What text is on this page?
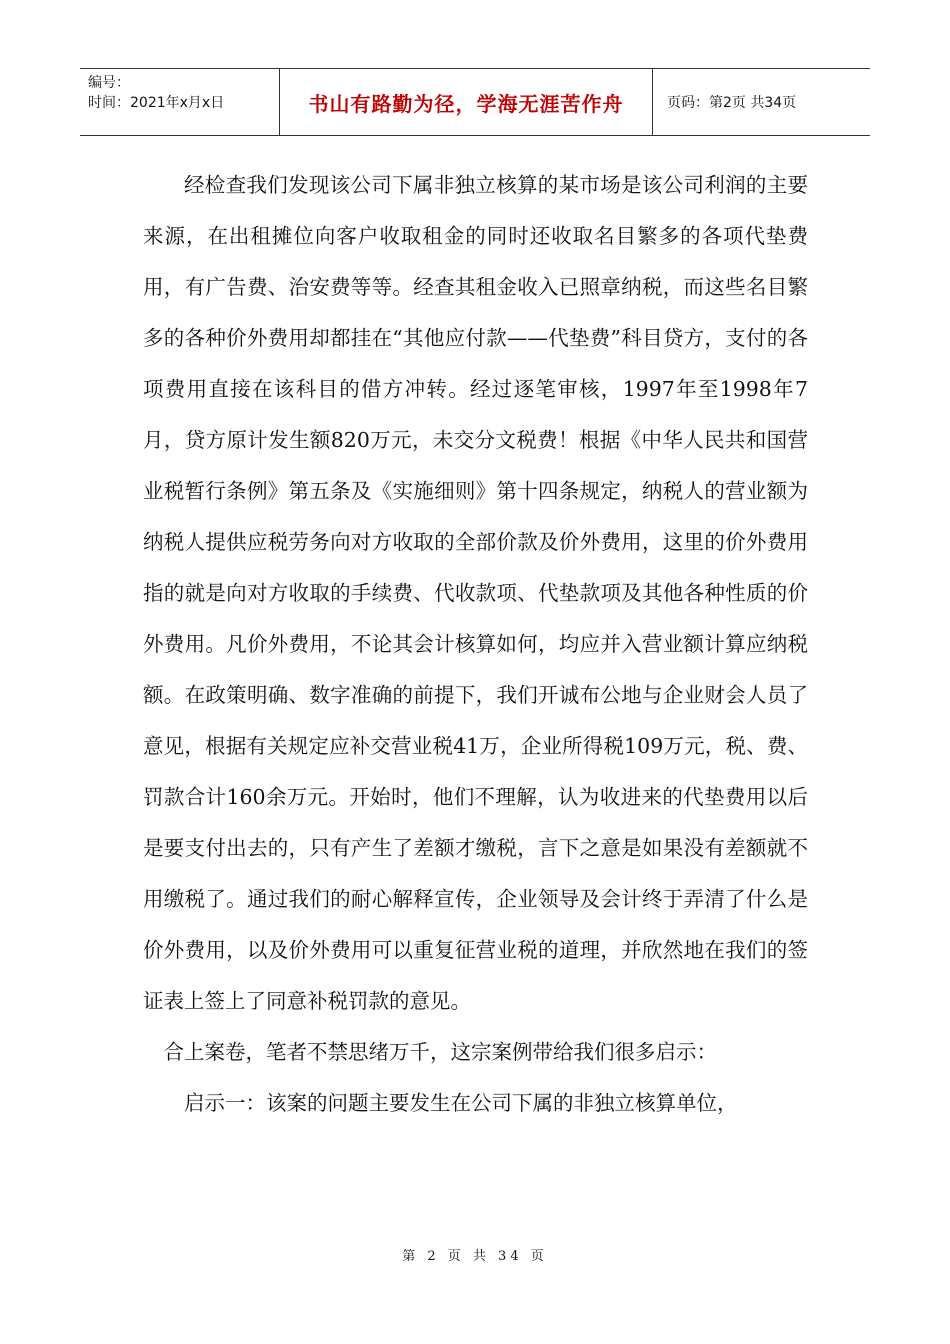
编号：
时间：2021年x月x日	书山有路勤为径，学海无涯苦作舟	页码：第2页 共34页

经检查我们发现该公司下属非独立核算的某市场是该公司利润的主要来源，在出租摊位向客户收取租金的同时还收取名目繁多的各项代垫费用，有广告费、治安费等等。经查其租金收入已照章纳税，而这些名目繁多的各种价外费用却都挂在“其他应付款——代垫费”科目贷方，支付的各项费用直接在该科目的借方冲转。经过逐笔审核，1997年至1998年7月，贷方原计发生额820万元，未交分文税费！根据《中华人民共和国营业税暂行条例》第五条及《实施细则》第十四条规定，纳税人的营业额为纳税人提供应税劳务向对方收取的全部价款及价外费用，这里的价外费用指的就是向对方收取的手续费、代收款项、代垫款项及其他各种性质的价外费用。凡价外费用，不论其会计核算如何，均应并入营业额计算应纳税额。在政策明确、数字准确的前提下，我们开诚布公地与企业财会人员了意见，根据有关规定应补交营业税41万，企业所得税109万元，税、费、罚款合计160余万元。开始时，他们不理解，认为收进来的代垫费用以后是要支付出去的，只有产生了差额才缴税，言下之意是如果没有差额就不用缴税了。通过我们的耐心解释宣传，企业领导及会计终于弄清了什么是价外费用，以及价外费用可以重复征营业税的道理，并欣然地在我们的签证表上签上了同意补税罚款的意见。

合上案卷，笔者不禁思绪万千，这宗案例带给我们很多启示：

启示一：该案的问题主要发生在公司下属的非独立核算单位，

第 2 页 共 34 页
